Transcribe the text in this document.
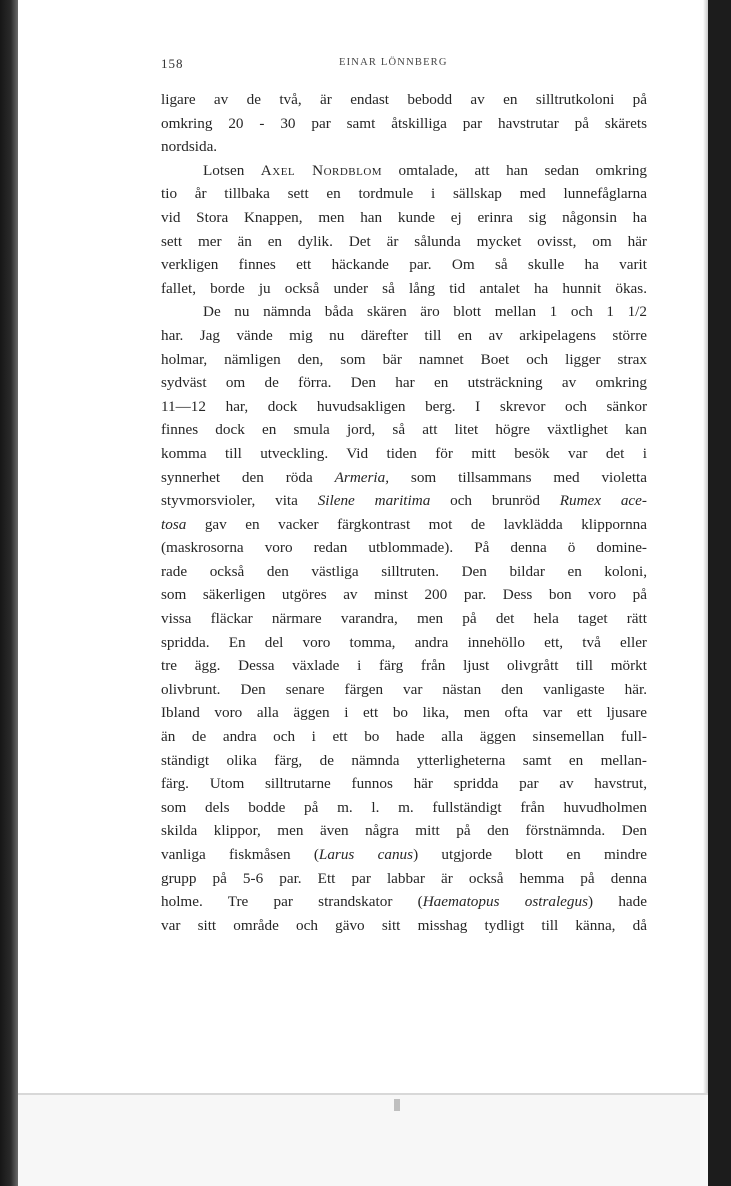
158	EINAR LÖNNBERG
ligare av de två, är endast bebodd av en silltrutkoloni på
omkring 20 - 30 par samt åtskilliga par havstrutar på skärets
nordsida.
Lotsen Axel Nordblom omtalade, att han sedan omkring
tio år tillbaka sett en tordmule i sällskap med lunnefåglarna
vid Stora Knappen, men han kunde ej erinra sig någonsin ha
sett mer än en dylik. Det är sålunda mycket ovisst, om här
verkligen finnes ett häckande par. Om så skulle ha varit
fallet, borde ju också under så lång tid antalet ha hunnit ökas.
De nu nämnda båda skären äro blott mellan 1 och 1 1/2
har. Jag vände mig nu därefter till en av arkipelagens större
holmar, nämligen den, som bär namnet Boet och ligger strax
sydväst om de förra. Den har en utsträckning av omkring
11—12 har, dock huvudsakligen berg. I skrevor och sänkor
finnes dock en smula jord, så att litet högre växtlighet kan
komma till utveckling. Vid tiden för mitt besök var det i
synnerhet den röda Armeria, som tillsammans med violetta
styvmorsvioler, vita Silene maritima och brunröd Rumex ace-
tosa gav en vacker färgkontrast mot de lavklädda klippornna
(maskrosorna voro redan utblommade). På denna ö domine-
rade också den västliga silltruten. Den bildar en koloni,
som säkerligen utgöres av minst 200 par. Dess bon voro på
vissa fläckar närmare varandra, men på det hela taget rätt
spridda. En del voro tomma, andra innehöllo ett, två eller
tre ägg. Dessa växlade i färg från ljust olivgrått till mörkt
olivbrunt. Den senare färgen var nästan den vanligaste här.
Ibland voro alla äggen i ett bo lika, men ofta var ett ljusare
än de andra och i ett bo hade alla äggen sinsemellan full-
ständigt olika färg, de nämnda ytterligheterna samt en mellan-
färg. Utom silltrutarne funnos här spridda par av havstrut,
som dels bodde på m. l. m. fullständigt från huvudholmen
skilda klippor, men även några mitt på den förstnämnda. Den
vanliga fiskmåsen (Larus canus) utgjorde blott en mindre
grupp på 5-6 par. Ett par labbar är också hemma på denna
holme. Tre par strandskator (Haematopus ostralegus) hade
var sitt område och gävo sitt misshag tydligt till känna, då
